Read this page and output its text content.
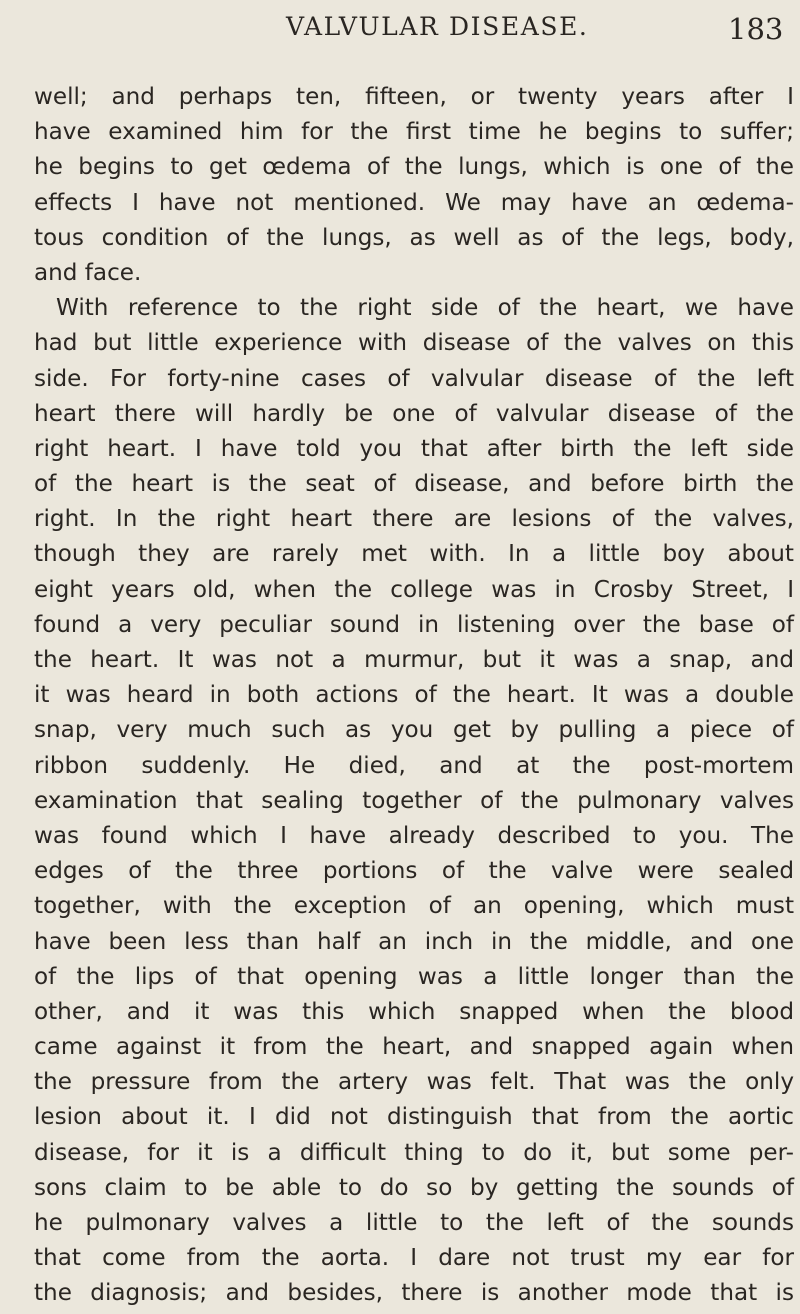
VALVULAR DISEASE.	183
well; and perhaps ten, fifteen, or twenty years after I
have examined him for the first time he begins to suffer;
he begins to get œdema of the lungs, which is one of the
effects I have not mentioned. We may have an œdema-
tous condition of the lungs, as well as of the legs, body,
and face.
With reference to the right side of the heart, we have
had but little experience with disease of the valves on this
side. For forty-nine cases of valvular disease of the left
heart there will hardly be one of valvular disease of the
right heart. I have told you that after birth the left side
of the heart is the seat of disease, and before birth the
right. In the right heart there are lesions of the valves,
though they are rarely met with. In a little boy about
eight years old, when the college was in Crosby Street, I
found a very peculiar sound in listening over the base of
the heart. It was not a murmur, but it was a snap, and
it was heard in both actions of the heart. It was a double
snap, very much such as you get by pulling a piece of
ribbon suddenly. He died, and at the post-mortem
examination that sealing together of the pulmonary valves
was found which I have already described to you. The
edges of the three portions of the valve were sealed
together, with the exception of an opening, which must
have been less than half an inch in the middle, and one
of the lips of that opening was a little longer than the
other, and it was this which snapped when the blood
came against it from the heart, and snapped again when
the pressure from the artery was felt. That was the only
lesion about it. I did not distinguish that from the aortic
disease, for it is a difficult thing to do it, but some per-
sons claim to be able to do so by getting the sounds of
he pulmonary valves a little to the left of the sounds
that come from the aorta. I dare not trust my ear for
the diagnosis; and besides, there is another mode that is
